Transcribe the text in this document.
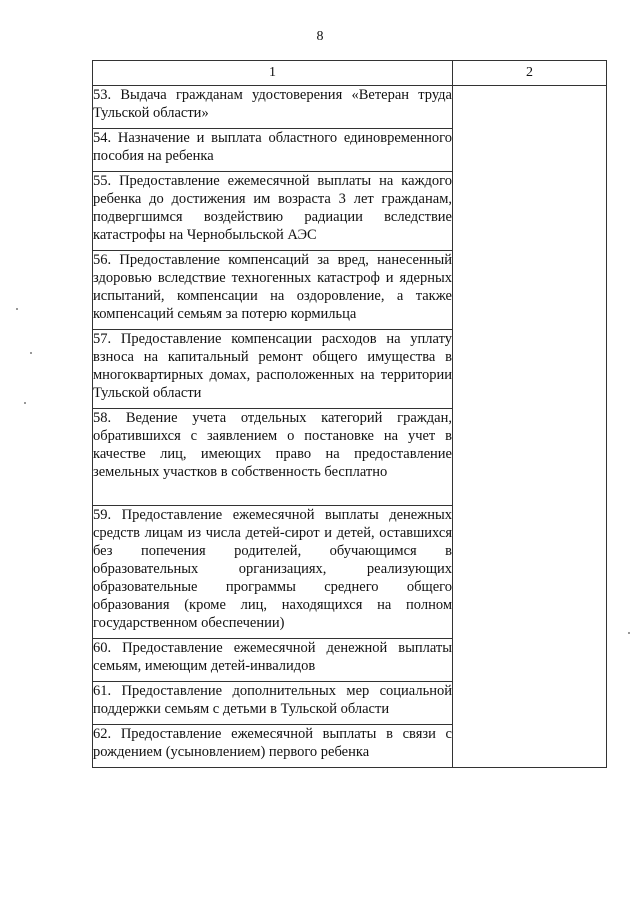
8
1	2

53. Выдача гражданам удостоверения «Ветеран труда Тульской области»	

54. Назначение и выплата областного единовременного пособия на ребенка	

55. Предоставление ежемесячной выплаты на каждого ребенка до достижения им возраста 3 лет гражданам, подвергшимся воздействию радиации вследствие катастрофы на Чернобыльской АЭС	

56. Предоставление компенсаций за вред, нанесенный здоровью вследствие техногенных катастроф и ядерных испытаний, компенсации на оздоровление, а также компенсаций семьям за потерю кормильца	

57. Предоставление компенсации расходов на уплату взноса на капитальный ремонт общего имущества в многоквартирных домах, расположенных на территории Тульской области	

58. Ведение учета отдельных категорий граждан, обратившихся с заявлением о постановке на учет в качестве лиц, имеющих право на предоставление земельных участков в собственность бесплатно	

59. Предоставление ежемесячной выплаты денежных средств лицам из числа детей-сирот и детей, оставшихся без попечения родителей, обучающимся в образовательных организациях, реализующих образовательные программы среднего общего образования (кроме лиц, находящихся на полном государственном обеспечении)	

60. Предоставление ежемесячной денежной выплаты семьям, имеющим детей-инвалидов	

61. Предоставление дополнительных мер социальной поддержки семьям с детьми в Тульской области	

62. Предоставление ежемесячной выплаты в связи с рождением (усыновлением) первого ребенка	
